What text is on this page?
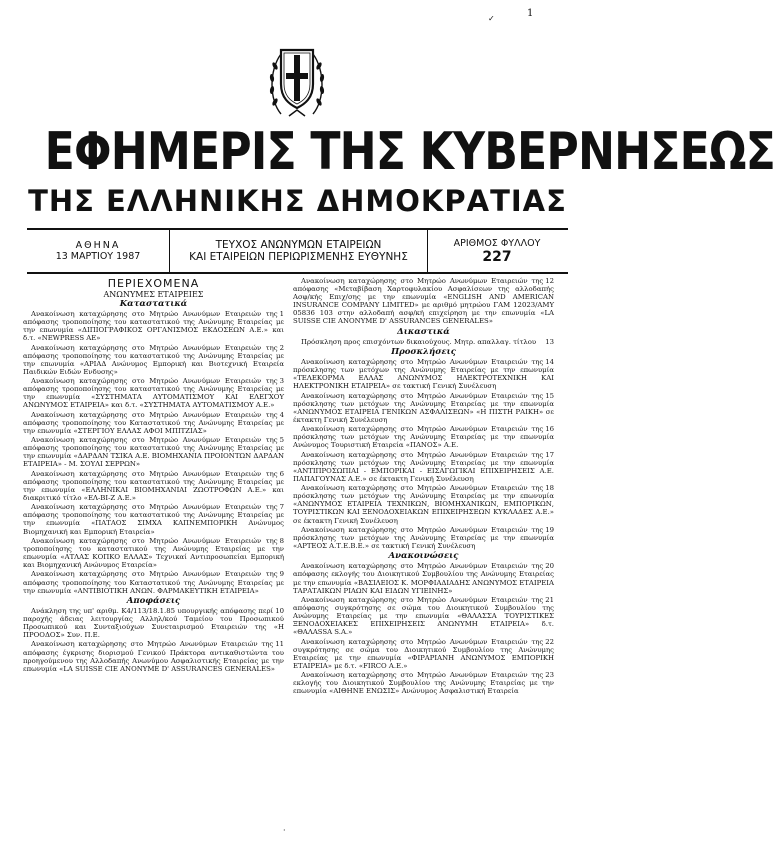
1
✓
ΕΦΗΜΕΡΙΣ ΤΗΣ ΚΥΒΕΡΝΗΣΕΩΣ
ΤΗΣ ΕΛΛΗΝΙΚΗΣ ΔΗΜΟΚΡΑΤΙΑΣ
ΑΘΗΝΑ
13 ΜΑΡΤΙΟΥ 1987
ΤΕΥΧΟΣ ΑΝΩΝΥΜΩΝ ΕΤΑΙΡΕΙΩΝ
ΚΑΙ ΕΤΑΙΡΕΙΩΝ ΠΕΡΙΩΡΙΣΜΕΝΗΣ ΕΥΘΥΝΗΣ
ΑΡΙΘΜΟΣ ΦΥΛΛΟΥ
227
ΠΕΡΙΕΧΟΜΕΝΑ
ΑΝΩΝΥΜΕΣ ΕΤΑΙΡΕΙΕΣ
Καταστατικά
1
Ανακοίνωση καταχώρησης στο Μητρώο Ανωνύμων Εταιρειών της απόφασης τροποποίησης του καταστατικού της Ανώνυμης Εταιρείας με την επωνυμία «ΔΙΠΙΟΓΡΑΦΙΚΟΣ ΟΡΓΑΝΙΣΜΟΣ ΕΚΔΟΣΕΩΝ Α.Ε.» και δ.τ. «NEWPRESS AE»
2
Ανακοίνωση καταχώρησης στο Μητρώο Ανωνύμων Εταιρειών της απόφασης τροποποίησης του καταστατικού της Ανώνυμης Εταιρείας με την επωνυμία «ΑΡΙΑΔ Ανώνυμος Εμπορική και Βιοτεχνική Εταιρεία Παιδικών Ειδών Ενδυσης»
3
Ανακοίνωση καταχώρησης στο Μητρώο Ανωνύμων Εταιρειών της απόφασης τροποποίησης του καταστατικού της Ανώνυμης Εταιρείας με την επωνυμία «ΣΥΣΤΗΜΑΤΑ ΑΥΤΟΜΑΤΙΣΜΟΥ ΚΑΙ ΕΛΕΓΧΟΥ ΑΝΩΝΥΜΟΣ ΕΤΑΙΡΕΙΑ» και δ.τ. «ΣΥΣΤΗΜΑΤΑ ΑΥΤΟΜΑΤΙΣΜΟΥ Α.Ε.»
4
Ανακοίνωση καταχώρησης στο Μητρώο Ανωνύμων Εταιρειών της απόφασης τροποποίησης του Καταστατικού της Ανώνυμης Εταιρείας με την επωνυμία «ΣΤΕΡΓΙΟΥ ΕΛΛΑΣ ΑΦΟΙ ΜΠΙΤΖΙΑΣ»
5
Ανακοίνωση καταχώρησης στο Μητρώο Ανωνύμων Εταιρειών της απόφασης τροποποίησης του καταστατικού της Ανώνυμης Εταιρείας με την επωνυμία «ΔΑΡΔΑΝ ΤΣΙΚΑ Α.Ε. ΒΙΟΜΗΧΑΝΙΑ ΠΡΟΙΟΝΤΩΝ ΔΑΡΔΑΝ ΕΤΑΙΡΕΙΑ» - Μ. ΣΟΥΛΙ ΣΕΡΡΩΝ»
6
Ανακοίνωση καταχώρησης στο Μητρώο Ανωνύμων Εταιρειών της απόφασης τροποποίησης του καταστατικού της Ανώνυμης Εταιρείας με την επωνυμία «ΕΛΛΗΝΙΚΑΙ ΒΙΟΜΗΧΑΝΙΑΙ ΖΩΟΤΡΟΦΩΝ Α.Ε.» και διακριτικό τίτλο «ΕΛ-ΒΙ-Ζ Α.Ε.»
7
Ανακοίνωση καταχώρησης στο Μητρώο Ανωνύμων Εταιρειών της απόφασης τροποποίησης του καταστατικού της Ανώνυμης Εταιρείας με την επωνυμία «ΠΑΤΑΟΣ ΣΙΜΧΑ ΚΑΠΝΕΜΠΟΡΙΚΗ Ανώνυμος Βιομηχανική και Εμπορική Εταιρεία»
8
Ανακοίνωση καταχώρησης στο Μητρώο Ανωνύμων Εταιρειών της τροποποίησης του καταστατικού της Ανώνυμης Εταιρείας με την επωνυμία «ΑΤΛΑΣ ΚΟΠΚΟ ΕΛΛΑΣ» Τεχνικαί Αντιπροσωπείαι Εμπορική και Βιομηχανική Ανώνυμος Εταιρεία»
9
Ανακοίνωση καταχώρησης στο Μητρώο Ανωνύμων Εταιρειών της απόφασης τροποποίησης του Καταστατικού της Ανώνυμης Εταιρείας με την επωνυμία «ΑΝΤΙΒΙΟΤΙΚΗ ΑΝΩΝ. ΦΑΡΜΑΚΕΥΤΙΚΗ ΕΤΑΙΡΕΙΑ»
Αποφάσεις
10
Ανάκληση της υπ' αριθμ. Κ4/113/18.1.85 υπουργικής απόφασης περί παροχής άδειας λειτουργίας Αλληλ/κού Ταμείου του Προσωπικού Προσωπικού και Συνταξιούχων Συνεταιρισμού Εταιρειών της «Η ΠΡΟΟΔΟΣ» Συν. Π.Ε.
11
Ανακοίνωση καταχώρησης στο Μητρώο Ανωνύμων Εταιρειών της απόφασης έγκρισης διορισμού Γενικού Πράκτορα αντικαθιστώντα του προηγούμενου της Αλλοδαπής Ανωνύμου Ασφαλιστικής Εταιρείας με την επωνυμία «LA SUISSE CIE ANONYME D' ASSURANCES GENERALES»
12
Ανακοίνωση καταχώρησης στο Μητρώο Ανωνύμων Εταιρειών της απόφασης «Μεταβίβαση Χαρτοφυλακίου Ασφαλίσεων της αλλοδαπής Ασφ/κής Επιχ/σης με την επωνυμία «ENGLISH AND AMERICAN INSURANCE COMPANY LIMITED» με αριθμό μητρώου ΓΑΜ 12023/ΑΜΥ 05836 103 στην αλλοδαπή ασφ/κή επιχείρηση με την επωνυμία «LA SUISSE CIE ANONYME D' ASSURANCES GENERALES»
Δικαστικά
13
Πρόσκληση προς επισχόντων δικαιούχους. Μητρ. απαλλαγ. τίτλου
Προσκλήσεις
14
Ανακοίνωση καταχώρησης στο Μητρώο Ανωνύμων Εταιρειών της πρόσκλησης των μετόχων της Ανώνυμης Εταιρείας με την επωνυμία «ΤΕΛΕΚΟΡΜΑ ΕΛΛΑΣ ΑΝΩΝΥΜΟΣ ΗΛΕΚΤΡΟΤΕΧΝΙΚΗ ΚΑΙ ΗΛΕΚΤΡΟΝΙΚΗ ΕΤΑΙΡΕΙΑ» σε τακτική Γενική Συνέλευση
15
Ανακοίνωση καταχώρησης στο Μητρώο Ανωνύμων Εταιρειών της πρόσκλησης των μετόχων της Ανώνυμης Εταιρείας με την επωνυμία «ΑΝΩΝΥΜΟΣ ΕΤΑΙΡΕΙΑ ΓΕΝΙΚΩΝ ΑΣΦΑΛΙΣΕΩΝ» «Η ΠΙΣΤΗ ΡΑΙΚΗ» σε έκτακτη Γενική Συνέλευση
16
Ανακοίνωση καταχώρησης στο Μητρώο Ανωνύμων Εταιρειών της πρόσκλησης των μετόχων της Ανώνυμης Εταιρείας με την επωνυμία Ανώνυμος Τουριστική Εταιρεία «ΠΑΝΟΣ» Α.Ε.
17
Ανακοίνωση καταχώρησης στο Μητρώο Ανωνύμων Εταιρειών της πρόσκλησης των μετόχων της Ανώνυμης Εταιρείας με την επωνυμία «ΑΝΤΙΠΡΟΣΩΠΙΑΙ - ΕΜΠΟΡΙΚΑΙ - ΕΙΣΑΓΩΓΙΚΑΙ ΕΠΙΧΕΙΡΗΣΕΙΣ Α.Ε. ΠΑΠΑΓΟΥΝΑΣ Α.Ε.» σε έκτακτη Γενική Συνέλευση
18
Ανακοίνωση καταχώρησης στο Μητρώο Ανωνύμων Εταιρειών της πρόσκλησης των μετόχων της Ανώνυμης Εταιρείας με την επωνυμία «ΑΝΩΝΥΜΟΣ ΕΤΑΙΡΕΙΑ ΤΕΧΝΙΚΩΝ, ΒΙΟΜΗΧΑΝΙΚΩΝ, ΕΜΠΟΡΙΚΩΝ, ΤΟΥΡΙΣΤΙΚΩΝ ΚΑΙ ΞΕΝΟΔΟΧΕΙΑΚΩΝ ΕΠΙΧΕΙΡΗΣΕΩΝ ΚΥΚΛΑΔΕΣ Α.Ε.» σε έκτακτη Γενική Συνέλευση
19
Ανακοίνωση καταχώρησης στο Μητρώο Ανωνύμων Εταιρειών της πρόσκλησης των μετόχων της Ανώνυμης Εταιρείας με την επωνυμία «ΑΡΤΕΟΣ Α.Τ.Ε.Β.Ε.» σε τακτική Γενική Συνέλευση
Ανακοινώσεις
20
Ανακοίνωση καταχώρησης στο Μητρώο Ανωνύμων Εταιρειών της απόφασης εκλογής του Διοικητικού Συμβουλίου της Ανώνυμης Εταιρείας με την επωνυμία «ΒΑΣΙΛΕΙΟΣ Κ. ΜΟΡΦΙΑΔΙΑΔΗΣ ΑΝΩΝΥΜΟΣ ΕΤΑΙΡΕΙΑ ΤΑΡΑΤΑΙΚΩΝ ΡΙΑΩΝ ΚΑΙ ΕΙΔΩΝ ΥΓΙΕΙΝΗΣ»
21
Ανακοίνωση καταχώρησης στο Μητρώο Ανωνύμων Εταιρειών της απόφασης συγκρότησης σε σώμα του Διοικητικού Συμβουλίου της Ανώνυμης Εταιρείας με την επωνυμία «ΘΑΛΑΣΣΑ ΤΟΥΡΙΣΤΙΚΕΣ ΞΕΝΟΔΟΧΕΙΑΚΕΣ ΕΠΙΧΕΙΡΗΣΕΙΣ ΑΝΩΝΥΜΗ ΕΤΑΙΡΕΙΑ» δ.τ. «ΘΑΛΑSSA S.A.»
22
Ανακοίνωση καταχώρησης στο Μητρώο Ανωνύμων Εταιρειών της συγκρότησης σε σώμα του Διοικητικού Συμβουλίου της Ανώνυμης Εταιρείας με την επωνυμία «ΦΙΡΑΡΙΑΝΗ ΑΝΩΝΥΜΟΣ ΕΜΠΟΡΙΚΗ ΕΤΑΙΡΕΙΑ» με δ.τ. «FIRCO Α.Ε.»
23
Ανακοίνωση καταχώρησης στο Μητρώο Ανωνύμων Εταιρειών της εκλογής του Διοικητικού Συμβουλίου της Ανώνυμης Εταιρείας με την επωνυμία «ΑΙΘΗΝΕ ΕΝΩΣΙΣ» Ανώνυμος Ασφαλιστική Εταιρεία
·
